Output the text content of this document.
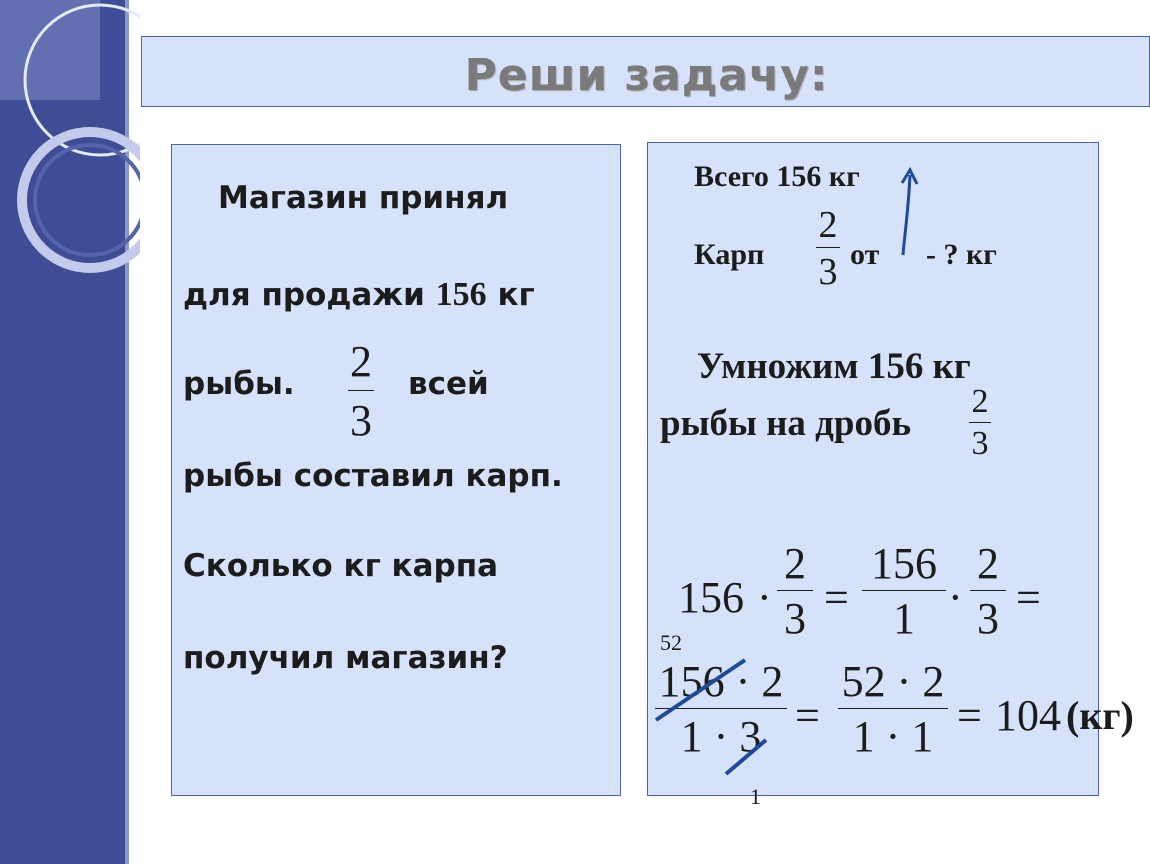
Реши задачу:
Магазин принял
для продажи 156 кг
рыбы. 2
3
всей
рыбы составил карп.
Сколько кг карпа
получил магазин?
Всего 156 кг
Карп
2
3 от - ? кг
Умножим 156 кг
рыбы на дробь
2
3
156 ·
2
3 =
156
1 ·
2
3 =
52
156 · 2
1 · 3
1
=
52 · 2
1 · 1 = 104 (кг)
